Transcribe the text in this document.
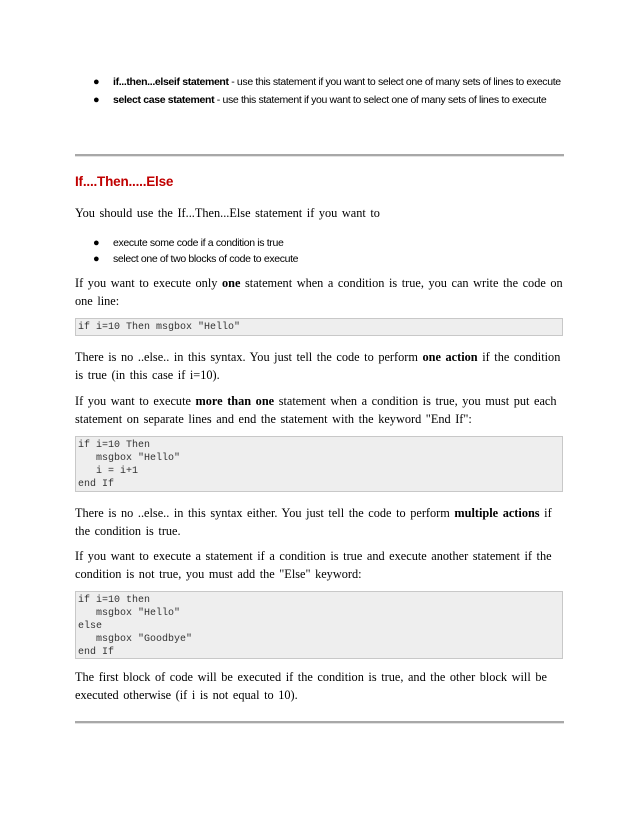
● if...then...elseif statement - use this statement if you want to select one of many sets of lines to execute
● select case statement - use this statement if you want to select one of many sets of lines to execute
If....Then.....Else
You should use the If...Then...Else statement if you want to
● execute some code if a condition is true
● select one of two blocks of code to execute
If you want to execute only one statement when a condition is true, you can write the code on one line:
if i=10 Then msgbox "Hello"
There is no ..else.. in this syntax. You just tell the code to perform one action if the condition is true (in this case if i=10).
If you want to execute more than one statement when a condition is true, you must put each statement on separate lines and end the statement with the keyword "End If":
if i=10 Then
msgbox "Hello"
i = i+1
end If
There is no ..else.. in this syntax either. You just tell the code to perform multiple actions if the condition is true.
If you want to execute a statement if a condition is true and execute another statement if the condition is not true, you must add the "Else" keyword:
if i=10 then
msgbox "Hello"
else
msgbox "Goodbye"
end If
The first block of code will be executed if the condition is true, and the other block will be executed otherwise (if i is not equal to 10).
